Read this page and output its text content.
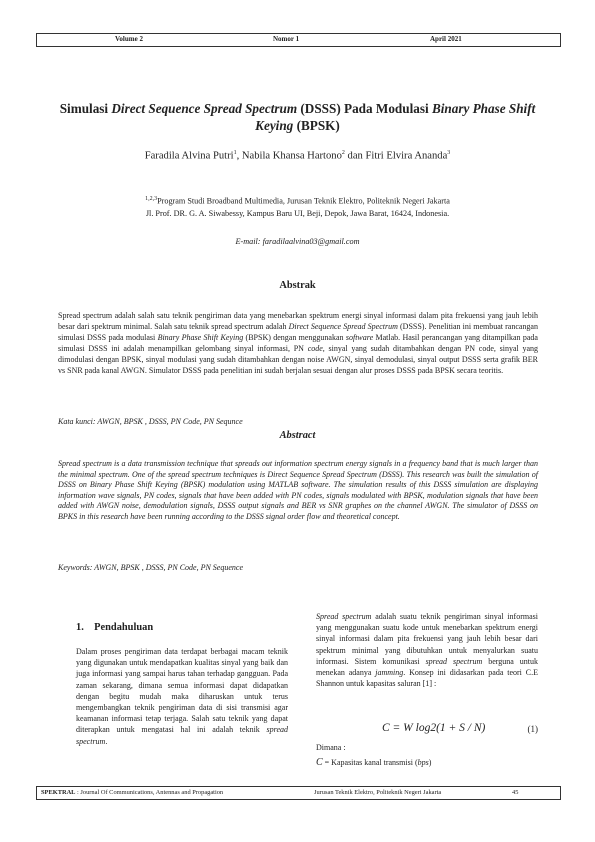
Volume 2	Nomor 1	April 2021
Simulasi Direct Sequence Spread Spectrum (DSSS) Pada Modulasi Binary Phase Shift Keying (BPSK)
Faradila Alvina Putri$^1$, Nabila Khansa Hartono$^2$ dan Fitri Elvira Ananda$^3$
$^{1,2,3}$Program Studi Broadband Multimedia, Jurusan Teknik Elektro, Politeknik Negeri Jakarta
Jl. Prof. DR. G. A. Siwabessy, Kampus Baru UI, Beji, Depok, Jawa Barat, 16424, Indonesia.
E-mail: faradilaalvina03@gmail.com
Abstrak
Spread spectrum adalah salah satu teknik pengiriman data yang menebarkan spektrum energi sinyal informasi dalam pita frekuensi yang jauh lebih besar dari spektrum minimal. Salah satu teknik spread spectrum adalah Direct Sequence Spread Spectrum (DSSS). Penelitian ini membuat rancangan simulasi DSSS pada modulasi Binary Phase Shift Keying (BPSK) dengan menggunakan software Matlab. Hasil perancangan yang ditampilkan pada simulasi DSSS ini adalah menampilkan gelombang sinyal informasi, PN code, sinyal yang sudah ditambahkan dengan PN code, sinyal yang dimodulasi dengan BPSK, sinyal modulasi yang sudah ditambahkan dengan noise AWGN, sinyal demodulasi, sinyal output DSSS serta grafik BER vs SNR pada kanal AWGN. Simulator DSSS pada penelitian ini sudah berjalan sesuai dengan alur proses DSSS pada BPSK secara teoritis.
Kata kunci: AWGN, BPSK , DSSS, PN Code, PN Sequnce
Abstract
Spread spectrum is a data transmission technique that spreads out information spectrum energy signals in a frequency band that is much larger than the minimal spectrum. One of the spread spectrum techniques is Direct Sequence Spread Spectrum (DSSS). This research was built the simulation of DSSS on Binary Phase Shift Keying (BPSK) modulation using MATLAB software. The simulation results of this DSSS simulation are displaying information wave signals, PN codes, signals that have been added with PN codes, signals modulated with BPSK, modulation signals that have been added with AWGN noise, demodulation signals, DSSS output signals and BER vs SNR graphes on the channel AWGN. The simulator of DSSS on BPKS in this research have been running according to the DSSS signal order flow and theoretical concept.
Keywords: AWGN, BPSK , DSSS, PN Code, PN Sequence
1.    Pendahuluan
Dalam proses pengiriman data terdapat berbagai macam teknik yang digunakan untuk mendapatkan kualitas sinyal yang baik dan juga informasi yang sampai harus tahan terhadap gangguan. Pada zaman sekarang, dimana semua informasi dapat didapatkan dengan begitu mudah maka diharuskan untuk terus mengembangkan teknik pengiriman data di sisi transmisi agar keamanan informasi tetap terjaga. Salah satu teknik yang dapat diterapkan untuk mengatasi hal ini adalah teknik spread spectrum.
Spread spectrum adalah suatu teknik pengiriman sinyal informasi yang menggunakan suatu kode untuk menebarkan spektrum energi sinyal informasi dalam pita frekuensi yang jauh lebih besar dari spektrum minimal yang dibutuhkan untuk menyalurkan suatu informasi. Sistem komunikasi spread spectrum berguna untuk menekan adanya jamming. Konsep ini didasarkan pada teori C.E Shannon untuk kapasitas saluran [1] :
C = W log2(1 + S / N)	(1)
Dimana :
C = Kapasitas kanal transmisi (bps)
SPEKTRAL : Journal Of Communications, Antennas and Propagation	Jurusan Teknik Elektro, Politeknik Negeri Jakarta	45
